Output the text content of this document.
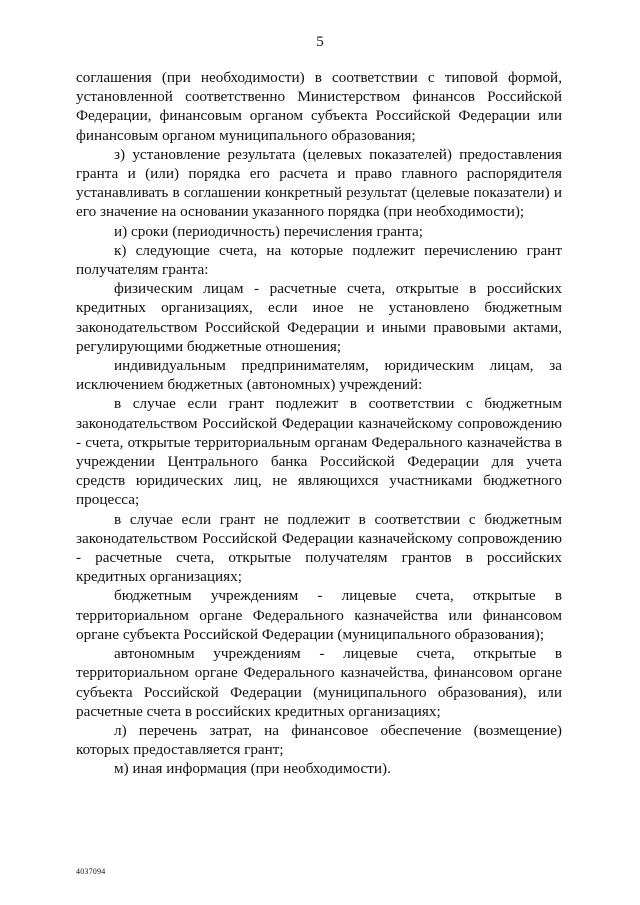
5

соглашения (при необходимости) в соответствии с типовой формой, установленной соответственно Министерством финансов Российской Федерации, финансовым органом субъекта Российской Федерации или финансовым органом муниципального образования;

з) установление результата (целевых показателей) предоставления гранта и (или) порядка его расчета и право главного распорядителя устанавливать в соглашении конкретный результат (целевые показатели) и его значение на основании указанного порядка (при необходимости);

и) сроки (периодичность) перечисления гранта;

к) следующие счета, на которые подлежит перечислению грант получателям гранта:

физическим лицам - расчетные счета, открытые в российских кредитных организациях, если иное не установлено бюджетным законодательством Российской Федерации и иными правовыми актами, регулирующими бюджетные отношения;

индивидуальным предпринимателям, юридическим лицам, за исключением бюджетных (автономных) учреждений:

в случае если грант подлежит в соответствии с бюджетным законодательством Российской Федерации казначейскому сопровождению - счета, открытые территориальным органам Федерального казначейства в учреждении Центрального банка Российской Федерации для учета средств юридических лиц, не являющихся участниками бюджетного процесса;

в случае если грант не подлежит в соответствии с бюджетным законодательством Российской Федерации казначейскому сопровождению - расчетные счета, открытые получателям грантов в российских кредитных организациях;

бюджетным учреждениям - лицевые счета, открытые в территориальном органе Федерального казначейства или финансовом органе субъекта Российской Федерации (муниципального образования);

автономным учреждениям - лицевые счета, открытые в территориальном органе Федерального казначейства, финансовом органе субъекта Российской Федерации (муниципального образования), или расчетные счета в российских кредитных организациях;

л) перечень затрат, на финансовое обеспечение (возмещение) которых предоставляется грант;

м) иная информация (при необходимости).

4037094
